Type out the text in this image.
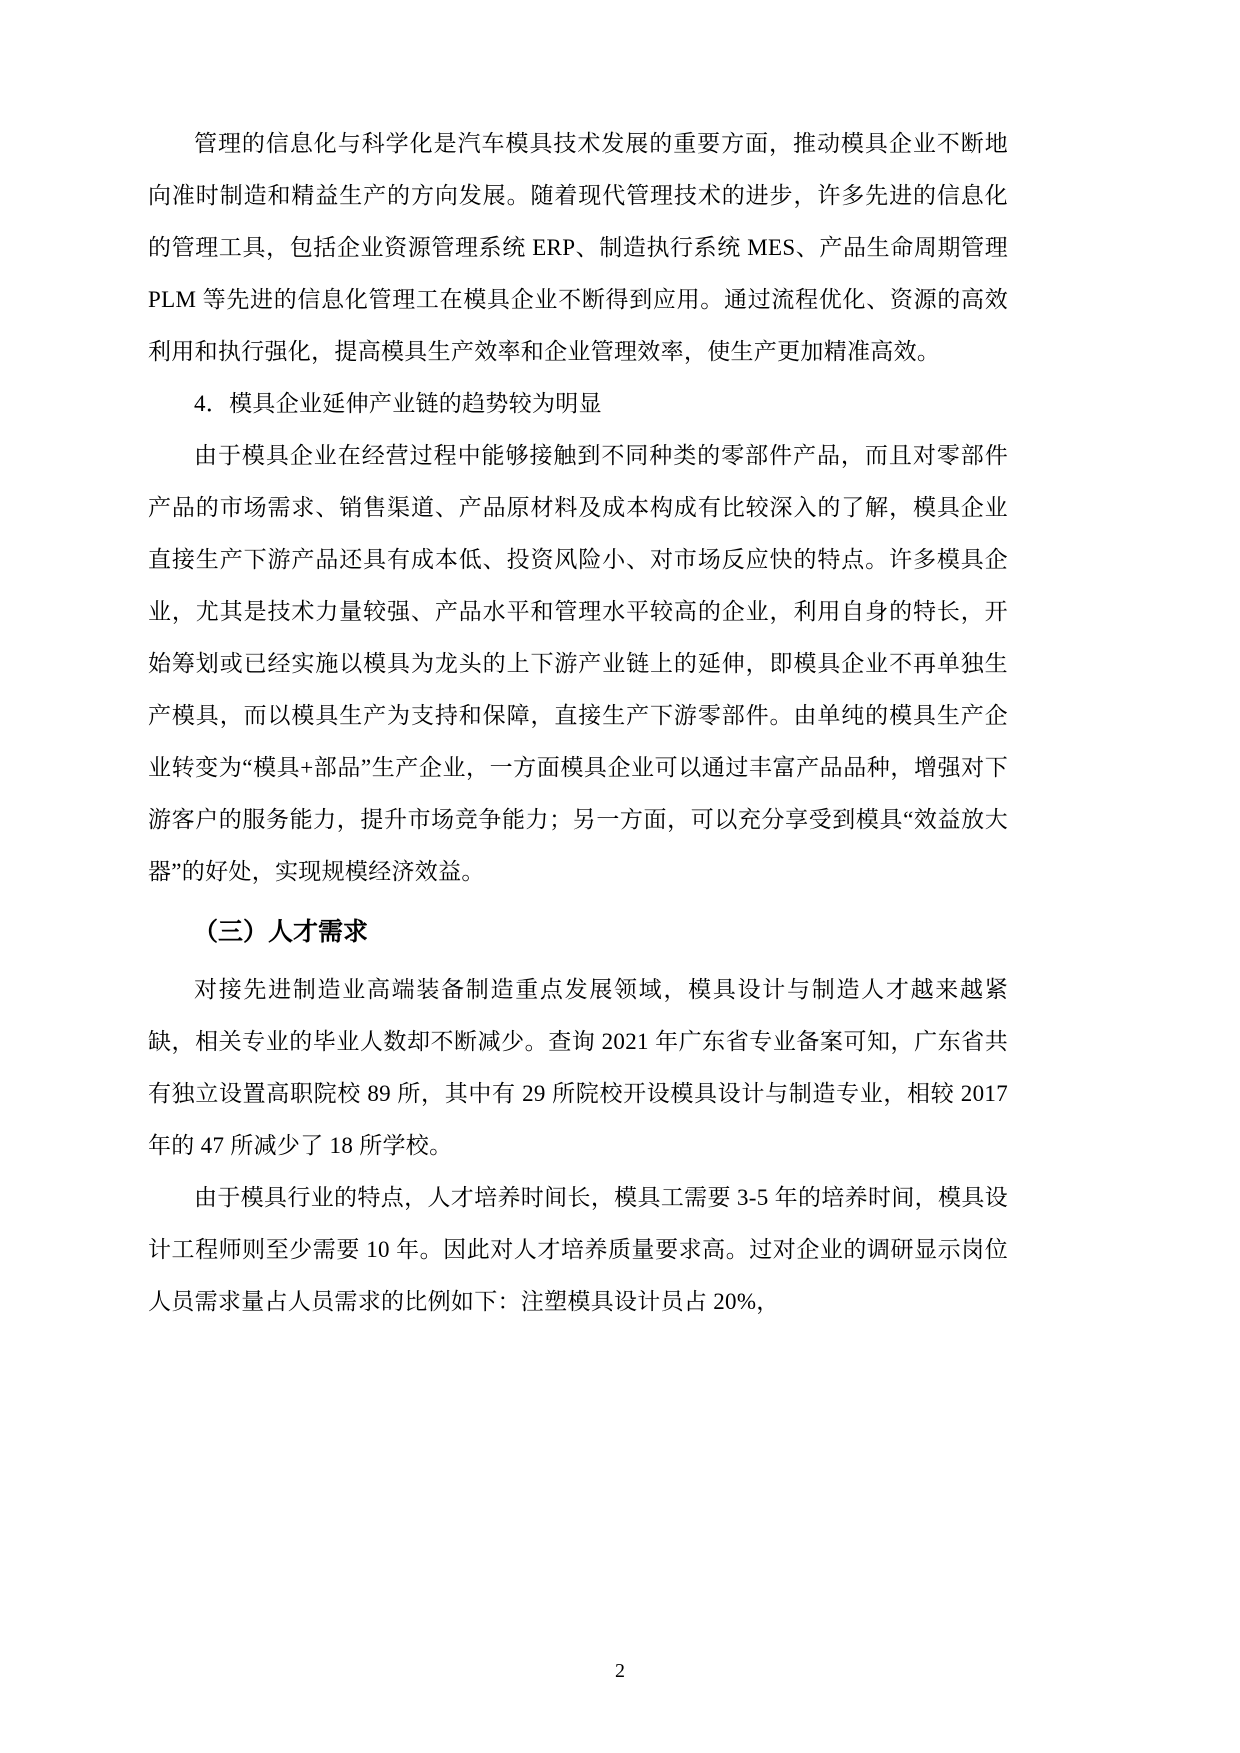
管理的信息化与科学化是汽车模具技术发展的重要方面，推动模具企业不断地向准时制造和精益生产的方向发展。随着现代管理技术的进步，许多先进的信息化的管理工具，包括企业资源管理系统 ERP、制造执行系统 MES、产品生命周期管理 PLM 等先进的信息化管理工在模具企业不断得到应用。通过流程优化、资源的高效利用和执行强化，提高模具生产效率和企业管理效率，使生产更加精准高效。

4．模具企业延伸产业链的趋势较为明显

由于模具企业在经营过程中能够接触到不同种类的零部件产品，而且对零部件产品的市场需求、销售渠道、产品原材料及成本构成有比较深入的了解，模具企业直接生产下游产品还具有成本低、投资风险小、对市场反应快的特点。许多模具企业，尤其是技术力量较强、产品水平和管理水平较高的企业，利用自身的特长，开始筹划或已经实施以模具为龙头的上下游产业链上的延伸，即模具企业不再单独生产模具，而以模具生产为支持和保障，直接生产下游零部件。由单纯的模具生产企业转变为“模具+部品”生产企业，一方面模具企业可以通过丰富产品品种，增强对下游客户的服务能力，提升市场竞争能力；另一方面，可以充分享受到模具“效益放大器”的好处，实现规模经济效益。

（三）人才需求

对接先进制造业高端装备制造重点发展领域，模具设计与制造人才越来越紧缺，相关专业的毕业人数却不断减少。查询 2021 年广东省专业备案可知，广东省共有独立设置高职院校 89 所，其中有 29 所院校开设模具设计与制造专业，相较 2017 年的 47 所减少了 18 所学校。

由于模具行业的特点，人才培养时间长，模具工需要 3-5 年的培养时间，模具设计工程师则至少需要 10 年。因此对人才培养质量要求高。过对企业的调研显示岗位人员需求量占人员需求的比例如下：注塑模具设计员占 20%，

2
